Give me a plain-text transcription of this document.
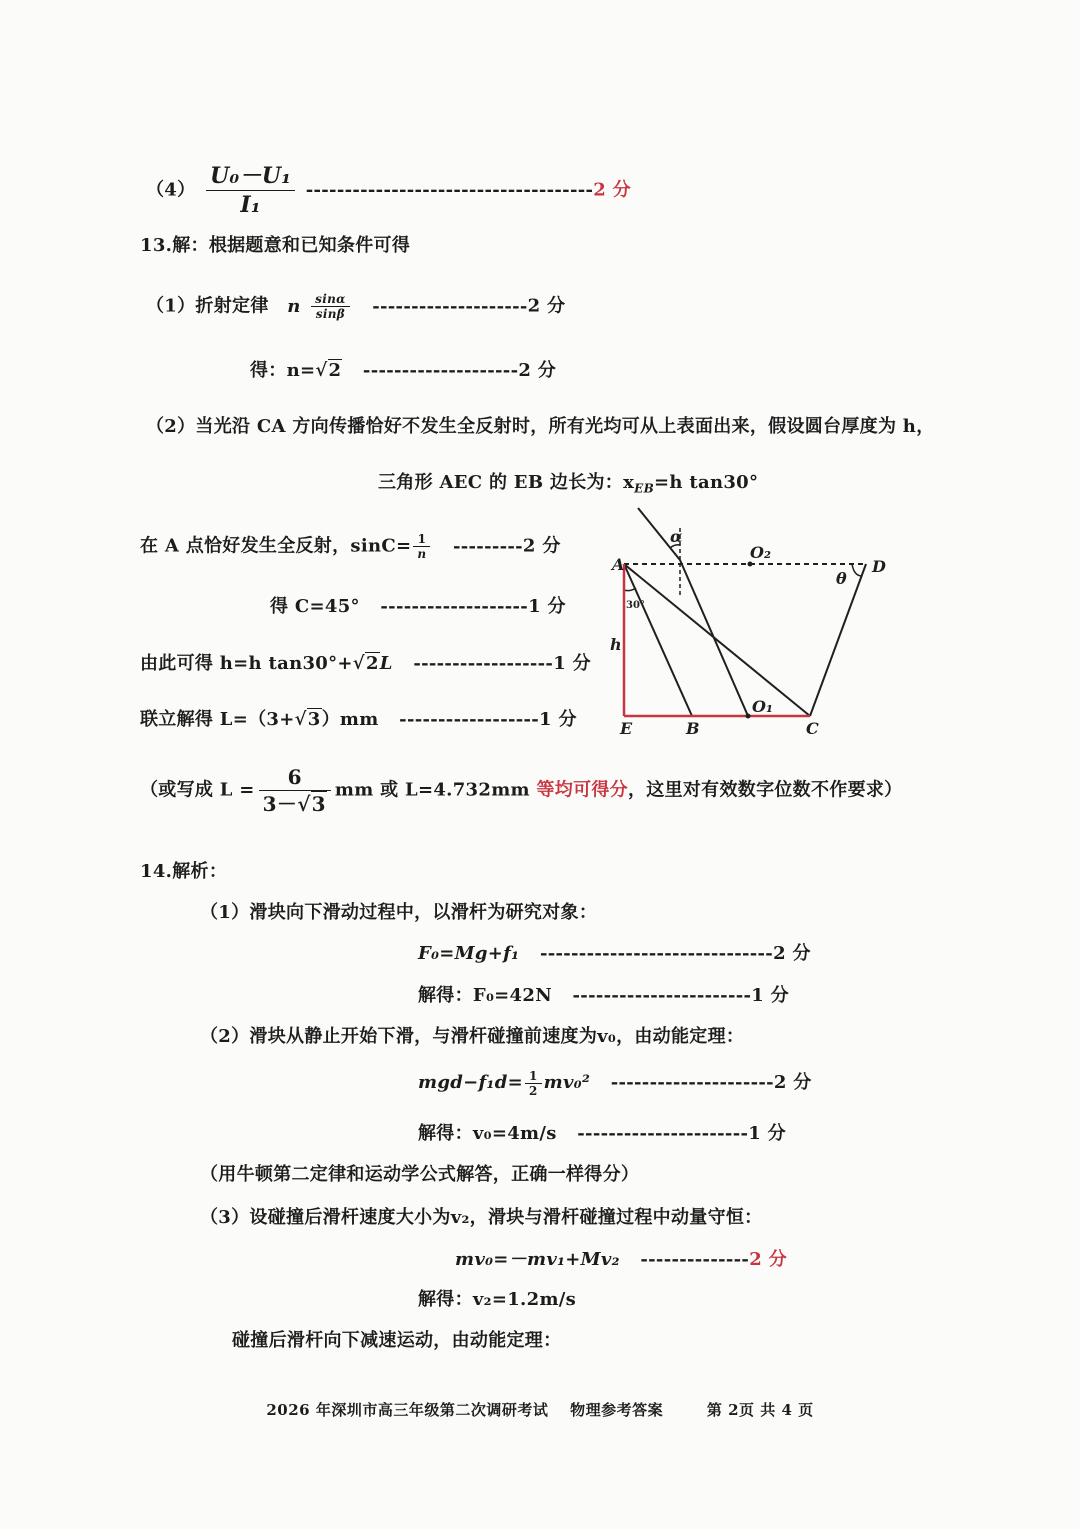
$(4) \frac{\text{U₀－U₁}}{\text{I₁}} -------------------------------------2$ 分
13.解：根据题意和已知条件可得
（1）折射定律 n $\frac{\sin\alpha}{\sin\beta} --------------------2$ 分
得：n=√2 --------------------2 分
（2）当光沿 CA 方向传播恰好不发生全反射时，所有光均可从上表面出来，假设圆台厚度为 h，
三角形 AEC 的 EB 边长为：$x_{EB}=h$ tan30°
在 A 点恰好发生全反射，$\sin C= \frac{1}{n} ---------2$ 分
得 C=45° -------------------1 分
由此可得 h=h tan30°+√2L ------------------1 分
联立解得 L=（3+√3）mm ------------------1 分
（或写成 $L = \frac{6}{3-√3}$ mm 或 L=4.732mm 等均可得分，这里对有效数字位数不作要求）
A	D
E	B	C
O₁
O₂
h
α
θ
30°
14.解析：
（1）滑块向下滑动过程中，以滑杆为研究对象：
F₀=Mg+f₁ ------------------------------2 分
解得：F₀=42N -----------------------1 分
（2）滑块从静止开始下滑，与滑杆碰撞前速度为v₀，由动能定理：
$mgd-f_1d= \frac{1}{2} mv_0^2$ ---------------------2 分
解得：v₀=4m/s ----------------------1 分
（用牛顿第二定律和运动学公式解答，正确一样得分）
（3）设碰撞后滑杆速度大小为v₂，滑块与滑杆碰撞过程中动量守恒：
mv₀=－mv₁+Mv₂ --------------2 分
解得：v₂=1.2m/s
碰撞后滑杆向下减速运动，由动能定理：
2026 年深圳市高三年级第二次调研考试 物理参考答案	第 2页 共 4 页
